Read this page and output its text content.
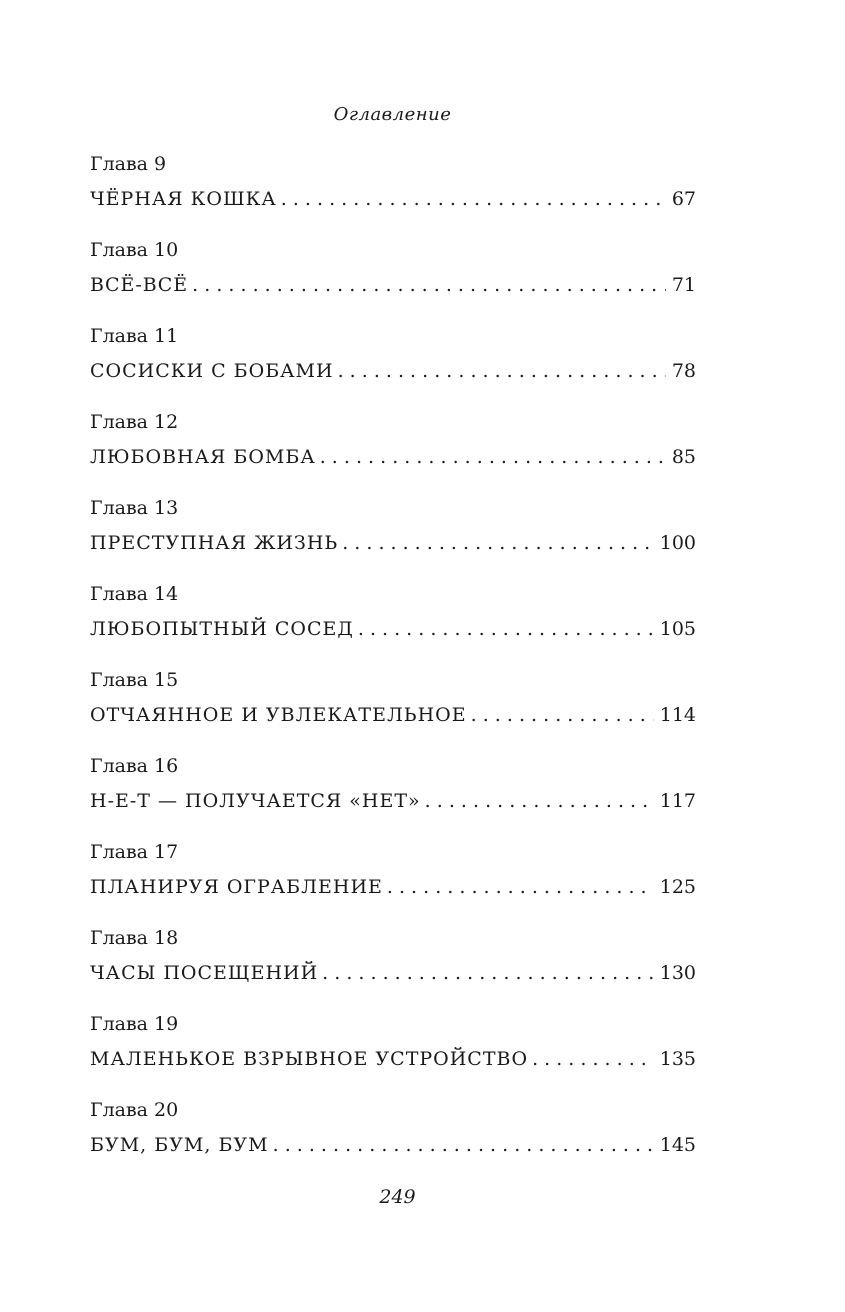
Оглавление
Глава 9
ЧЁРНАЯ КОШКА . . .	67
Глава 10
ВСЁ-ВСЁ . . .	71
Глава 11
СОСИСКИ С БОБАМИ . . .	78
Глава 12
ЛЮБОВНАЯ БОМБА . . .	85
Глава 13
ПРЕСТУПНАЯ ЖИЗНЬ . . .	100
Глава 14
ЛЮБОПЫТНЫЙ СОСЕД . . .	105
Глава 15
ОТЧАЯННОЕ И УВЛЕКАТЕЛЬНОЕ . . .	114
Глава 16
Н-Е-Т — ПОЛУЧАЕТСЯ «НЕТ» . . .	117
Глава 17
ПЛАНИРУЯ ОГРАБЛЕНИЕ . . .	125
Глава 18
ЧАСЫ ПОСЕЩЕНИЙ . . .	130
Глава 19
МАЛЕНЬКОЕ ВЗРЫВНОЕ УСТРОЙСТВО . . .	135
Глава 20
БУМ, БУМ, БУМ . . .	145
249
